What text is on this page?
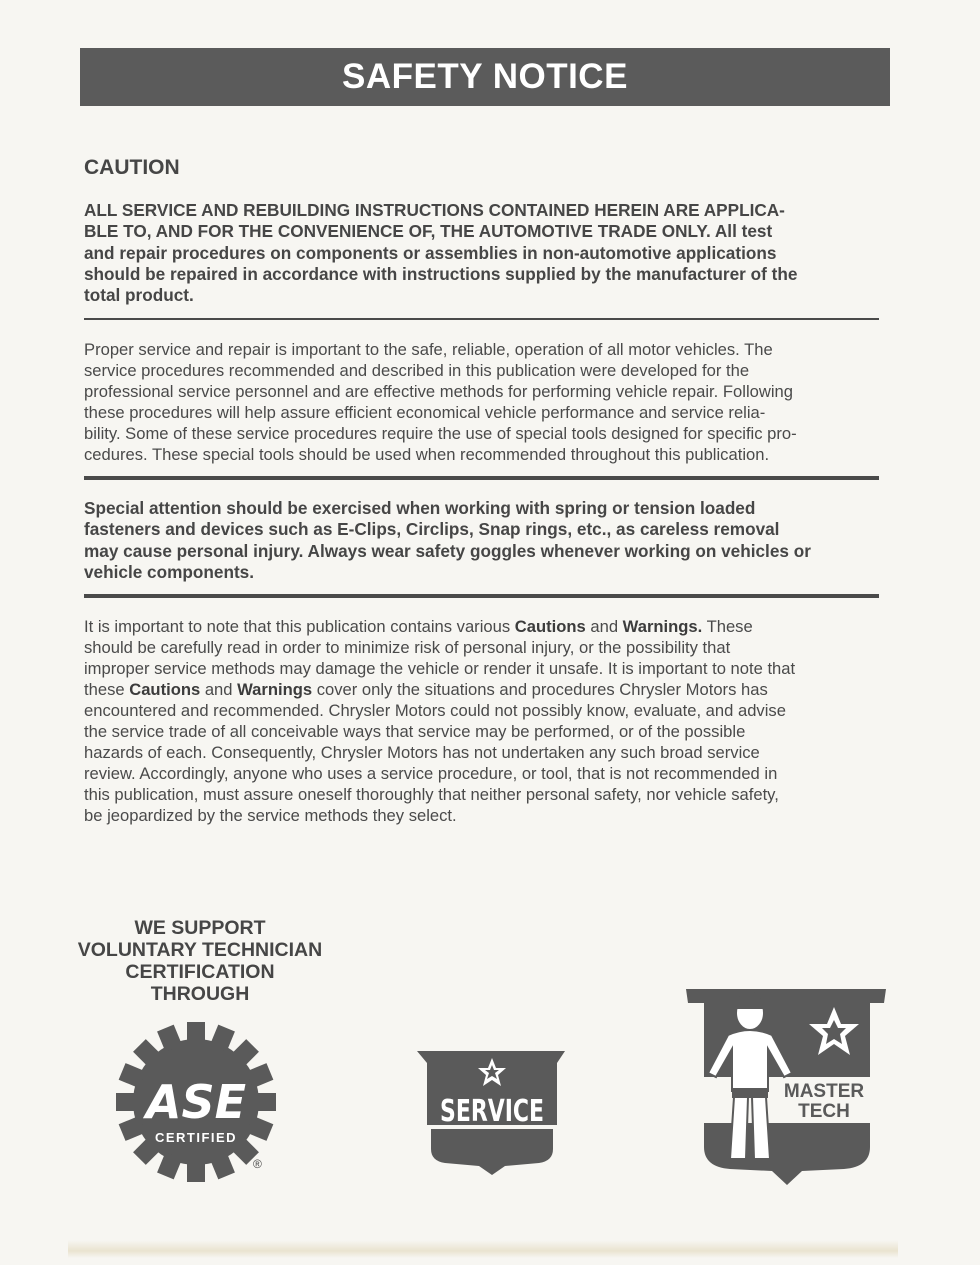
SAFETY NOTICE
CAUTION
ALL SERVICE AND REBUILDING INSTRUCTIONS CONTAINED HEREIN ARE APPLICA-
BLE TO, AND FOR THE CONVENIENCE OF, THE AUTOMOTIVE TRADE ONLY. All test
and repair procedures on components or assemblies in non-automotive applications
should be repaired in accordance with instructions supplied by the manufacturer of the
total product.
Proper service and repair is important to the safe, reliable, operation of all motor vehicles. The
service procedures recommended and described in this publication were developed for the
professional service personnel and are effective methods for performing vehicle repair. Following
these procedures will help assure efficient economical vehicle performance and service relia-
bility. Some of these service procedures require the use of special tools designed for specific pro-
cedures. These special tools should be used when recommended throughout this publication.
Special attention should be exercised when working with spring or tension loaded
fasteners and devices such as E-Clips, Circlips, Snap rings, etc., as careless removal
may cause personal injury. Always wear safety goggles whenever working on vehicles or
vehicle components.
It is important to note that this publication contains various Cautions and Warnings. These
should be carefully read in order to minimize risk of personal injury, or the possibility that
improper service methods may damage the vehicle or render it unsafe. It is important to note that
these Cautions and Warnings cover only the situations and procedures Chrysler Motors has
encountered and recommended. Chrysler Motors could not possibly know, evaluate, and advise
the service trade of all conceivable ways that service may be performed, or of the possible
hazards of each. Consequently, Chrysler Motors has not undertaken any such broad service
review. Accordingly, anyone who uses a service procedure, or tool, that is not recommended in
this publication, must assure oneself thoroughly that neither personal safety, nor vehicle safety,
be jeopardized by the service methods they select.
WE SUPPORT
VOLUNTARY TECHNICIAN
CERTIFICATION
THROUGH
ASE
CERTIFIED
®
SERVICE
MASTER
TECH
